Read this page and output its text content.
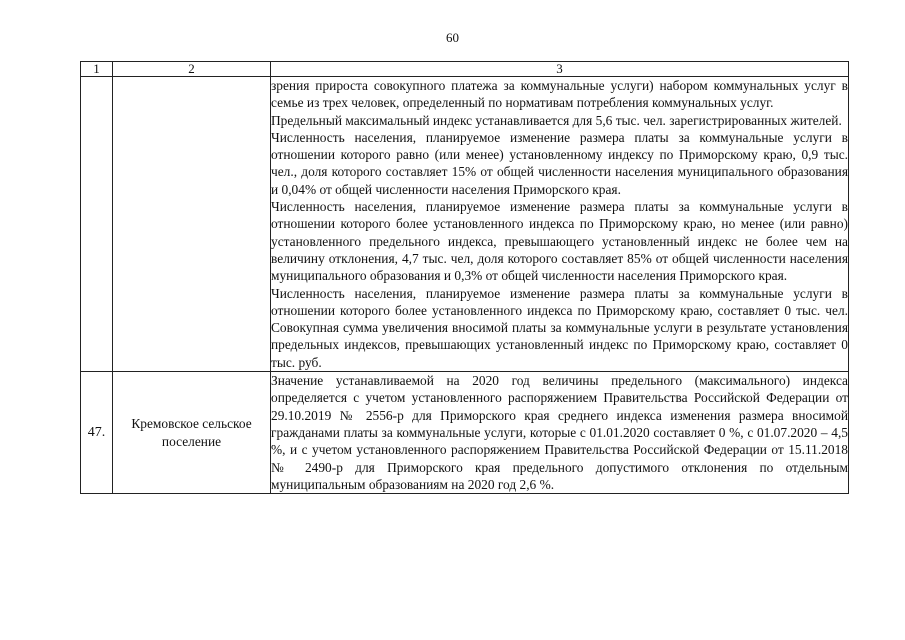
60
1	2	3

		зрения прироста совокупного платежа за коммунальные услуги) набором коммунальных услуг в семье из трех человек, определенный по нормативам потребления коммунальных услуг.

Предельный максимальный индекс устанавливается для 5,6 тыс. чел. зарегистрированных жителей.

Численность населения, планируемое изменение размера платы за коммунальные услуги в отношении которого равно (или менее) установленному индексу по Приморскому краю, 0,9 тыс. чел., доля которого составляет 15% от общей численности населения муниципального образования и 0,04% от общей численности населения Приморского края.

Численность населения, планируемое изменение размера платы за коммунальные услуги в отношении которого более установленного индекса по Приморскому краю, но менее (или равно) установленного предельного индекса, превышающего установленный индекс не более чем на величину отклонения, 4,7 тыс. чел, доля которого составляет 85% от общей численности населения муниципального образования и 0,3% от общей численности населения Приморского края.

Численность населения, планируемое изменение размера платы за коммунальные услуги в отношении которого более установленного индекса по Приморскому краю, составляет 0 тыс. чел. Совокупная сумма увеличения вносимой платы за коммунальные услуги в результате установления предельных индексов, превышающих установленный индекс по Приморскому краю, составляет 0 тыс. руб.

47.	Кремовское сельское поселение	Значение устанавливаемой на 2020 год величины предельного (максимального) индекса определяется с учетом установленного распоряжением Правительства Российской Федерации от 29.10.2019 № 2556-р для Приморского края среднего индекса изменения размера вносимой гражданами платы за коммунальные услуги, которые с 01.01.2020 составляет 0 %, с 01.07.2020 – 4,5 %, и с учетом установленного распоряжением Правительства Российской Федерации от 15.11.2018 № 2490-р для Приморского края предельного допустимого отклонения по отдельным муниципальным образованиям на 2020 год 2,6 %.
